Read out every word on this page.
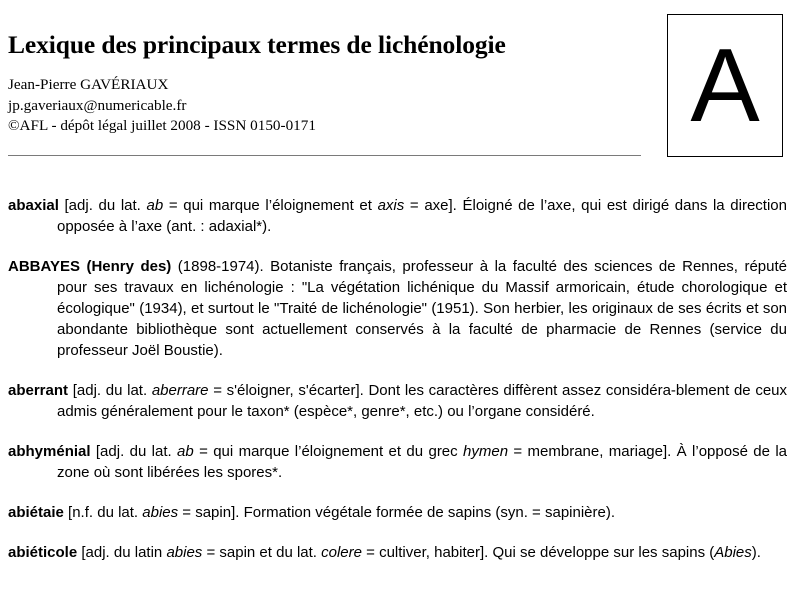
Lexique des principaux termes de lichénologie
Jean-Pierre GAVÉRIAUX
jp.gaveriaux@numericable.fr
©AFL - dépôt légal juillet 2008 - ISSN 0150-0171	A

abaxial [adj. du lat. ab = qui marque l’éloignement et axis = axe]. Éloigné de l’axe, qui est dirigé dans la direction opposée à l’axe (ant. : adaxial*).

ABBAYES (Henry des) (1898-1974). Botaniste français, professeur à la faculté des sciences de Rennes, réputé pour ses travaux en lichénologie : "La végétation lichénique du Massif armoricain, étude chorologique et écologique" (1934), et surtout le "Traité de lichénologie" (1951). Son herbier, les originaux de ses écrits et son abondante bibliothèque sont actuellement conservés à la faculté de pharmacie de Rennes (service du professeur Joël Boustie).

aberrant [adj. du lat. aberrare = s'éloigner, s'écarter]. Dont les caractères diffèrent assez considéra-blement de ceux admis généralement pour le taxon* (espèce*, genre*, etc.) ou l’organe considéré.

abhyménial [adj. du lat. ab = qui marque l’éloignement et du grec hymen = membrane, mariage]. À l’opposé de la zone où sont libérées les spores*.

abiétaie [n.f. du lat. abies = sapin]. Formation végétale formée de sapins (syn. = sapinière).

abiéticole [adj. du latin abies = sapin et du lat. colere = cultiver, habiter]. Qui se développe sur les sapins (Abies).
